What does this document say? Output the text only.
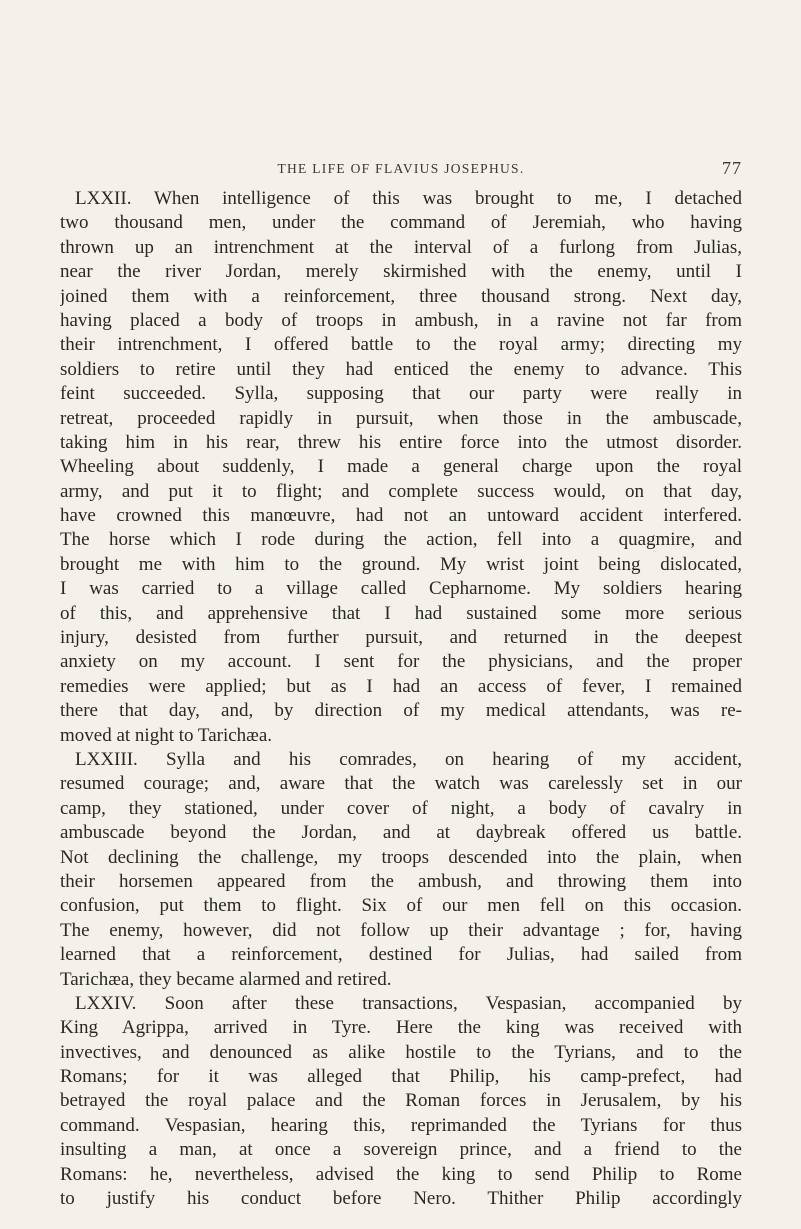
THE LIFE OF FLAVIUS JOSEPHUS.	77
LXXII. When intelligence of this was brought to me, I detached
two thousand men, under the command of Jeremiah, who having
thrown up an intrenchment at the interval of a furlong from Julias,
near the river Jordan, merely skirmished with the enemy, until I
joined them with a reinforcement, three thousand strong. Next day,
having placed a body of troops in ambush, in a ravine not far from
their intrenchment, I offered battle to the royal army; directing my
soldiers to retire until they had enticed the enemy to advance. This
feint succeeded. Sylla, supposing that our party were really in
retreat, proceeded rapidly in pursuit, when those in the ambuscade,
taking him in his rear, threw his entire force into the utmost disorder.
Wheeling about suddenly, I made a general charge upon the royal
army, and put it to flight; and complete success would, on that day,
have crowned this manœuvre, had not an untoward accident interfered.
The horse which I rode during the action, fell into a quagmire, and
brought me with him to the ground. My wrist joint being dislocated,
I was carried to a village called Cepharnome. My soldiers hearing
of this, and apprehensive that I had sustained some more serious
injury, desisted from further pursuit, and returned in the deepest
anxiety on my account. I sent for the physicians, and the proper
remedies were applied; but as I had an access of fever, I remained
there that day, and, by direction of my medical attendants, was re-
moved at night to Tarichæa.
LXXIII. Sylla and his comrades, on hearing of my accident,
resumed courage; and, aware that the watch was carelessly set in our
camp, they stationed, under cover of night, a body of cavalry in
ambuscade beyond the Jordan, and at daybreak offered us battle.
Not declining the challenge, my troops descended into the plain, when
their horsemen appeared from the ambush, and throwing them into
confusion, put them to flight. Six of our men fell on this occasion.
The enemy, however, did not follow up their advantage ; for, having
learned that a reinforcement, destined for Julias, had sailed from
Tarichæa, they became alarmed and retired.
LXXIV. Soon after these transactions, Vespasian, accompanied by
King Agrippa, arrived in Tyre. Here the king was received with
invectives, and denounced as alike hostile to the Tyrians, and to the
Romans; for it was alleged that Philip, his camp-prefect, had
betrayed the royal palace and the Roman forces in Jerusalem, by his
command. Vespasian, hearing this, reprimanded the Tyrians for thus
insulting a man, at once a sovereign prince, and a friend to the
Romans: he, nevertheless, advised the king to send Philip to Rome
to justify his conduct before Nero. Thither Philip accordingly
